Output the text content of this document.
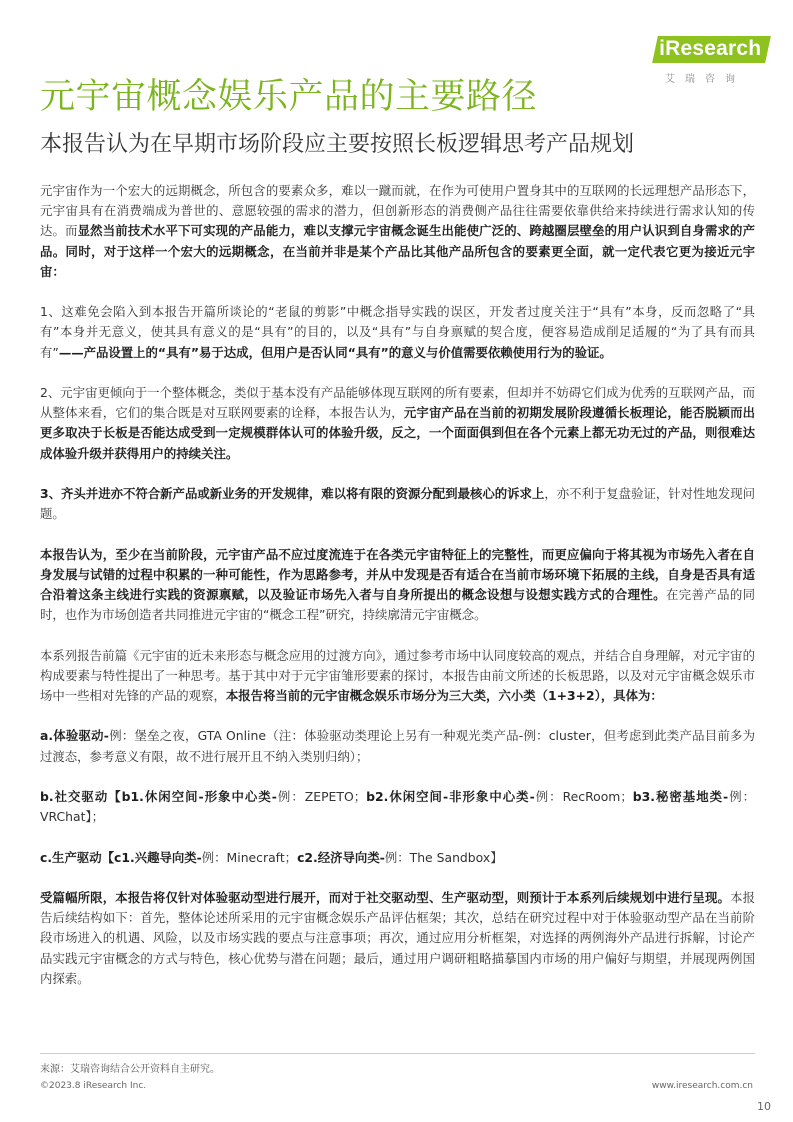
iResearch
艾瑞咨询
元宇宙概念娱乐产品的主要路径
本报告认为在早期市场阶段应主要按照长板逻辑思考产品规划

元宇宙作为一个宏大的远期概念，所包含的要素众多，难以一蹴而就，在作为可使用户置身其中的互联网的长远理想产品形态下，元宇宙具有在消费端成为普世的、意愿较强的需求的潜力，但创新形态的消费侧产品往往需要依靠供给来持续进行需求认知的传达。而显然当前技术水平下可实现的产品能力，难以支撑元宇宙概念诞生出能使广泛的、跨越圈层壁垒的用户认识到自身需求的产品。同时，对于这样一个宏大的远期概念，在当前并非是某个产品比其他产品所包含的要素更全面，就一定代表它更为接近元宇宙：

1、这难免会陷入到本报告开篇所谈论的“老鼠的剪影”中概念指导实践的误区，开发者过度关注于“具有”本身，反而忽略了“具有”本身并无意义，使其具有意义的是“具有”的目的，以及“具有”与自身禀赋的契合度，便容易造成削足适履的“为了具有而具有”——产品设置上的“具有”易于达成，但用户是否认同“具有”的意义与价值需要依赖使用行为的验证。

2、元宇宙更倾向于一个整体概念，类似于基本没有产品能够体现互联网的所有要素，但却并不妨碍它们成为优秀的互联网产品，而从整体来看，它们的集合既是对互联网要素的诠释，本报告认为，元宇宙产品在当前的初期发展阶段遵循长板理论，能否脱颖而出更多取决于长板是否能达成受到一定规模群体认可的体验升级，反之，一个面面俱到但在各个元素上都无功无过的产品，则很难达成体验升级并获得用户的持续关注。

3、齐头并进亦不符合新产品或新业务的开发规律，难以将有限的资源分配到最核心的诉求上，亦不利于复盘验证，针对性地发现问题。

本报告认为，至少在当前阶段，元宇宙产品不应过度流连于在各类元宇宙特征上的完整性，而更应偏向于将其视为市场先入者在自身发展与试错的过程中积累的一种可能性，作为思路参考，并从中发现是否有适合在当前市场环境下拓展的主线，自身是否具有适合沿着这条主线进行实践的资源禀赋，以及验证市场先入者与自身所提出的概念设想与设想实践方式的合理性。在完善产品的同时，也作为市场创造者共同推进元宇宙的“概念工程”研究，持续廓清元宇宙概念。

本系列报告前篇《元宇宙的近未来形态与概念应用的过渡方向》，通过参考市场中认同度较高的观点，并结合自身理解，对元宇宙的构成要素与特性提出了一种思考。基于其中对于元宇宙雏形要素的探讨，本报告由前文所述的长板思路，以及对元宇宙概念娱乐市场中一些相对先锋的产品的观察，本报告将当前的元宇宙概念娱乐市场分为三大类，六小类（1+3+2），具体为：

a.体验驱动-例：堡垒之夜，GTA Online（注：体验驱动类理论上另有一种观光类产品-例：cluster，但考虑到此类产品目前多为过渡态，参考意义有限，故不进行展开且不纳入类别归纳）；

b.社交驱动【b1.休闲空间-形象中心类-例：ZEPETO；b2.休闲空间-非形象中心类-例：RecRoom；b3.秘密基地类-例：VRChat】；

c.生产驱动【c1.兴趣导向类-例：Minecraft；c2.经济导向类-例：The Sandbox】

受篇幅所限，本报告将仅针对体验驱动型进行展开，而对于社交驱动型、生产驱动型，则预计于本系列后续规划中进行呈现。本报告后续结构如下：首先，整体论述所采用的元宇宙概念娱乐产品评估框架；其次，总结在研究过程中对于体验驱动型产品在当前阶段市场进入的机遇、风险，以及市场实践的要点与注意事项；再次，通过应用分析框架，对选择的两例海外产品进行拆解，讨论产品实践元宇宙概念的方式与特色，核心优势与潜在问题；最后，通过用户调研粗略描摹国内市场的用户偏好与期望，并展现两例国内探索。

来源：艾瑞咨询结合公开资料自主研究。
©2023.8 iResearch Inc.	www.iresearch.com.cn
10
